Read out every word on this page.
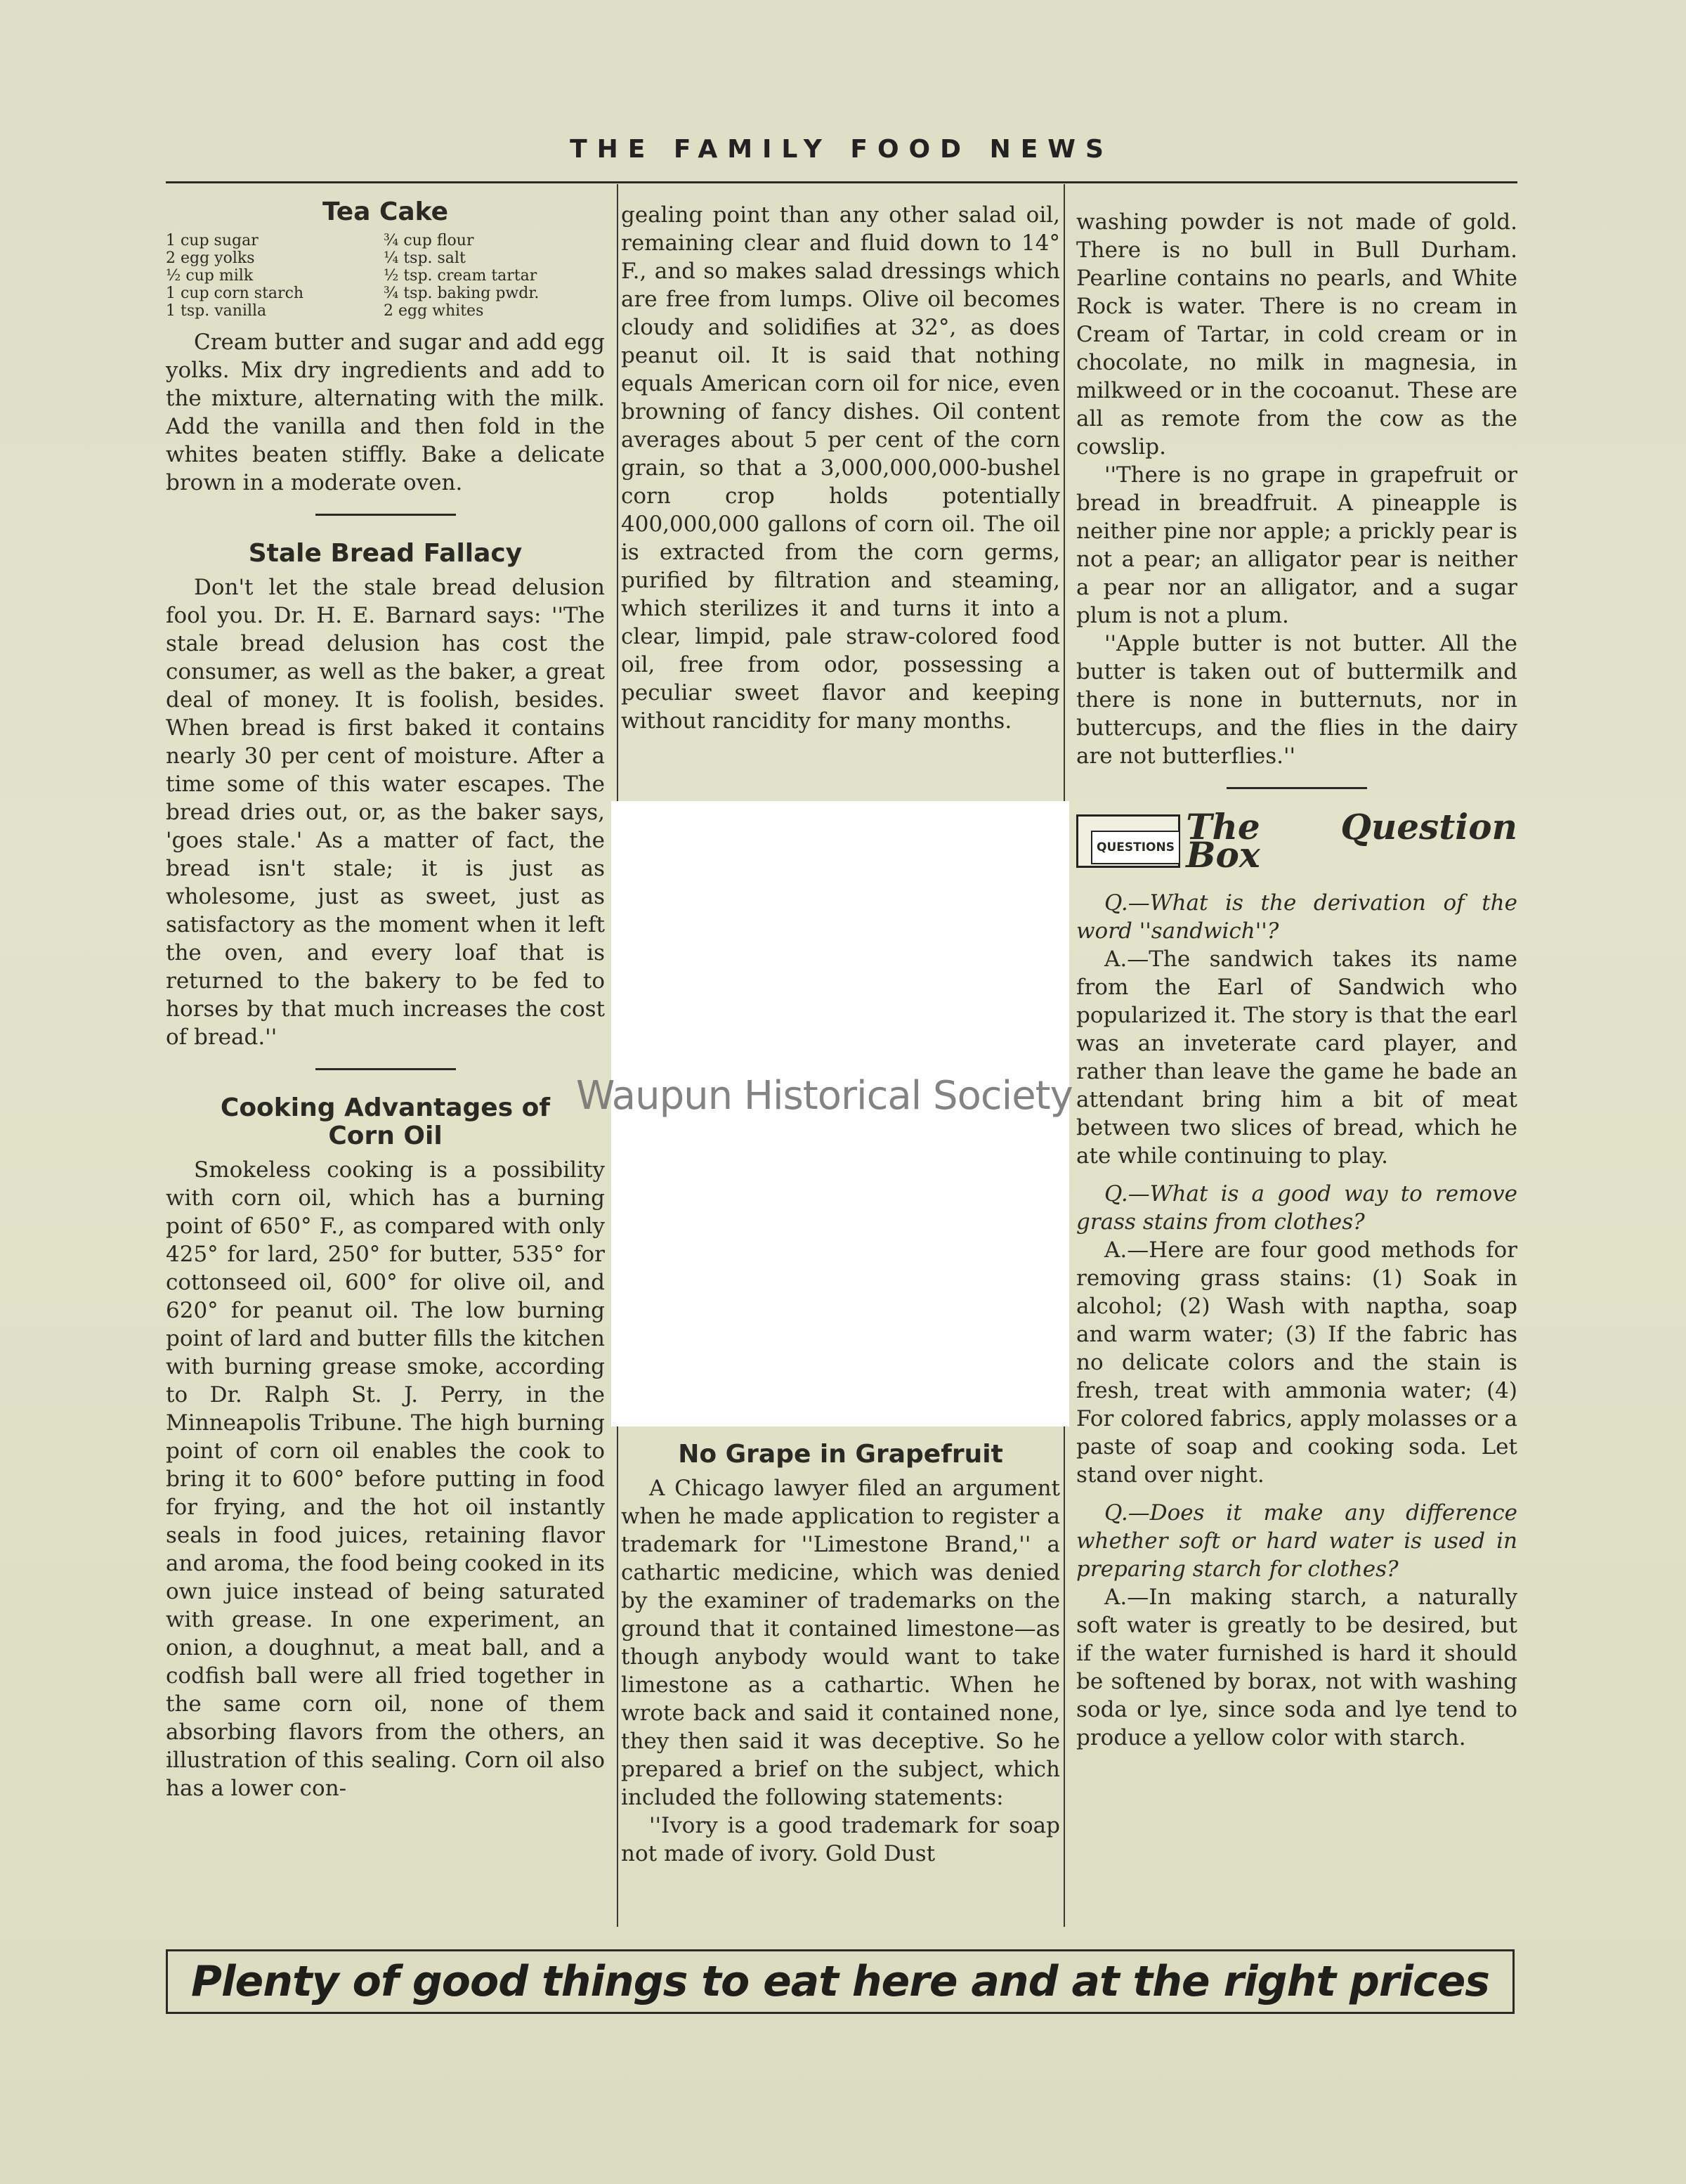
THE FAMILY FOOD NEWS
Tea Cake
1 cup sugar
2 egg yolks
½ cup milk
1 cup corn starch
1 tsp. vanilla
¾ cup flour
¼ tsp. salt
½ tsp. cream tartar
¾ tsp. baking pwdr.
2 egg whites

Cream butter and sugar and add egg yolks. Mix dry ingredients and add to the mixture, alternating with the milk. Add the vanilla and then fold in the whites beaten stiffly. Bake a delicate brown in a moderate oven.

Stale Bread Fallacy

Don't let the stale bread delusion fool you. Dr. H. E. Barnard says: ''The stale bread delusion has cost the consumer, as well as the baker, a great deal of money. It is foolish, besides. When bread is first baked it contains nearly 30 per cent of moisture. After a time some of this water escapes. The bread dries out, or, as the baker says, 'goes stale.' As a matter of fact, the bread isn't stale; it is just as wholesome, just as sweet, just as satisfactory as the moment when it left the oven, and every loaf that is returned to the bakery to be fed to horses by that much increases the cost of bread.''

Cooking Advantages of
Corn Oil

Smokeless cooking is a possibility with corn oil, which has a burning point of 650° F., as compared with only 425° for lard, 250° for butter, 535° for cottonseed oil, 600° for olive oil, and 620° for peanut oil. The low burning point of lard and butter fills the kitchen with burning grease smoke, according to Dr. Ralph St. J. Perry, in the Minneapolis Tribune. The high burning point of corn oil enables the cook to bring it to 600° before putting in food for frying, and the hot oil instantly seals in food juices, retaining flavor and aroma, the food being cooked in its own juice instead of being saturated with grease. In one experiment, an onion, a doughnut, a meat ball, and a codfish ball were all fried together in the same corn oil, none of them absorbing flavors from the others, an illustration of this sealing. Corn oil also has a lower con-

gealing point than any other salad oil, remaining clear and fluid down to 14° F., and so makes salad dressings which are free from lumps. Olive oil becomes cloudy and solidifies at 32°, as does peanut oil. It is said that nothing equals American corn oil for nice, even browning of fancy dishes. Oil content averages about 5 per cent of the corn grain, so that a 3,000,000,000-bushel corn crop holds potentially 400,000,000 gallons of corn oil. The oil is extracted from the corn germs, purified by filtration and steaming, which sterilizes it and turns it into a clear, limpid, pale straw-colored food oil, free from odor, possessing a peculiar sweet flavor and keeping without rancidity for many months.

No Grape in Grapefruit

A Chicago lawyer filed an argument when he made application to register a trademark for ''Limestone Brand,'' a cathartic medicine, which was denied by the examiner of trademarks on the ground that it contained limestone—as though anybody would want to take limestone as a cathartic. When he wrote back and said it contained none, they then said it was deceptive. So he prepared a brief on the subject, which included the following statements:

''Ivory is a good trademark for soap not made of ivory. Gold Dust

washing powder is not made of gold. There is no bull in Bull Durham. Pearline contains no pearls, and White Rock is water. There is no cream in Cream of Tartar, in cold cream or in chocolate, no milk in magnesia, in milkweed or in the cocoanut. These are all as remote from the cow as the cowslip.

''There is no grape in grapefruit or bread in breadfruit. A pineapple is neither pine nor apple; a prickly pear is not a pear; an alligator pear is neither a pear nor an alligator, and a sugar plum is not a plum.

''Apple butter is not butter. All the butter is taken out of buttermilk and there is none in butternuts, nor in buttercups, and the flies in the dairy are not butterflies.''

QUESTIONS The Question Box

Q.—What is the derivation of the word ''sandwich''?

A.—The sandwich takes its name from the Earl of Sandwich who popularized it. The story is that the earl was an inveterate card player, and rather than leave the game he bade an attendant bring him a bit of meat between two slices of bread, which he ate while continuing to play.

Q.—What is a good way to remove grass stains from clothes?

A.—Here are four good methods for removing grass stains: (1) Soak in alcohol; (2) Wash with naptha, soap and warm water; (3) If the fabric has no delicate colors and the stain is fresh, treat with ammonia water; (4) For colored fabrics, apply molasses or a paste of soap and cooking soda. Let stand over night.

Q.—Does it make any difference whether soft or hard water is used in preparing starch for clothes?

A.—In making starch, a naturally soft water is greatly to be desired, but if the water furnished is hard it should be softened by borax, not with washing soda or lye, since soda and lye tend to produce a yellow color with starch.

Waupun Historical Society
Plenty of good things to eat here and at the right prices
